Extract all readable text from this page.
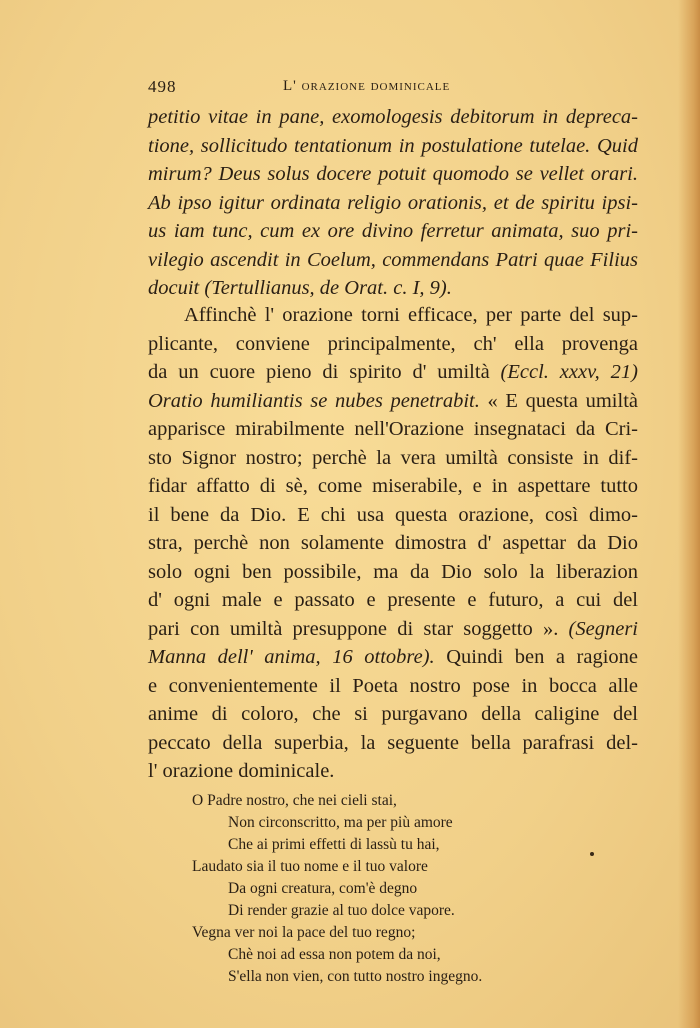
498	L' orazione dominicale
petitio vitae in pane, exomologesis debitorum in depreca-
tione, sollicitudo tentationum in postulatione tutelae. Quid
mirum? Deus solus docere potuit quomodo se vellet orari.
Ab ipso igitur ordinata religio orationis, et de spiritu ipsi-
us iam tunc, cum ex ore divino ferretur animata, suo pri-
vilegio ascendit in Coelum, commendans Patri quae Filius
docuit (Tertullianus, de Orat. c. I, 9).
Affinchè l' orazione torni efficace, per parte del sup-
plicante, conviene principalmente, ch' ella provenga
da un cuore pieno di spirito d' umiltà (Eccl. xxxv, 21)
Oratio humiliantis se nubes penetrabit. « E questa umiltà
apparisce mirabilmente nell'Orazione insegnataci da Cri-
sto Signor nostro; perchè la vera umiltà consiste in dif-
fidar affatto di sè, come miserabile, e in aspettare tutto
il bene da Dio. E chi usa questa orazione, così dimo-
stra, perchè non solamente dimostra d' aspettar da Dio
solo ogni ben possibile, ma da Dio solo la liberazion
d' ogni male e passato e presente e futuro, a cui del
pari con umiltà presuppone di star soggetto ». (Segneri
Manna dell' anima, 16 ottobre). Quindi ben a ragione
e convenientemente il Poeta nostro pose in bocca alle
anime di coloro, che si purgavano della caligine del
peccato della superbia, la seguente bella parafrasi del-
l' orazione dominicale.
O Padre nostro, che nei cieli stai,
Non circonscritto, ma per più amore
Che ai primi effetti di lassù tu hai,
Laudato sia il tuo nome e il tuo valore
Da ogni creatura, com'è degno
Di render grazie al tuo dolce vapore.
Vegna ver noi la pace del tuo regno;
Chè noi ad essa non potem da noi,
S'ella non vien, con tutto nostro ingegno.
